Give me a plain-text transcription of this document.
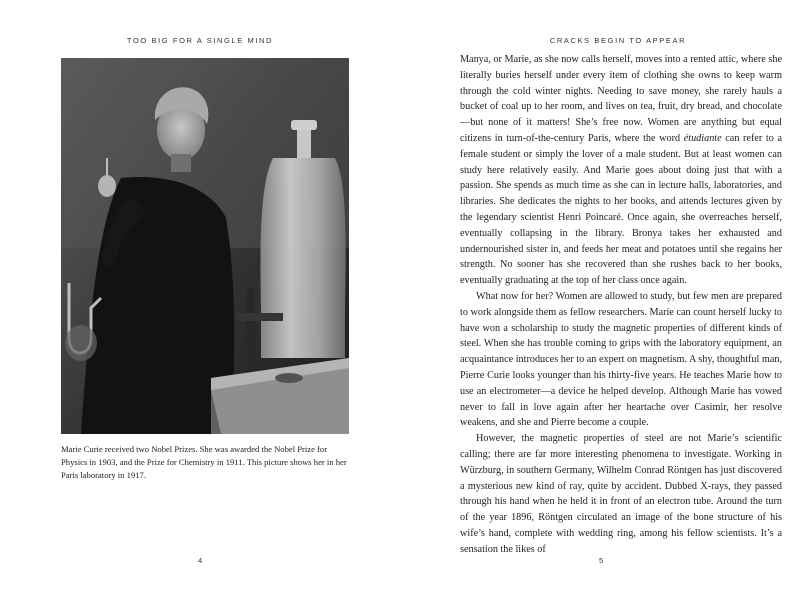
TOO BIG FOR A SINGLE MIND

Marie Curie received two Nobel Prizes. She was awarded the Nobel Prize for Physics in 1903, and the Prize for Chemistry in 1911. This picture shows her in her Paris laboratory in 1917.

4
CRACKS BEGIN TO APPEAR

Manya, or Marie, as she now calls herself, moves into a rented attic, where she literally buries herself under every item of clothing she owns to keep warm through the cold winter nights. Needing to save money, she rarely hauls a bucket of coal up to her room, and lives on tea, fruit, dry bread, and chocolate—but none of it matters! She’s free now. Women are anything but equal citizens in turn-of-the-century Paris, where the word étudiante can refer to a female student or simply the lover of a male student. But at least women can study here relatively easily. And Marie goes about doing just that with a passion. She spends as much time as she can in lecture halls, laboratories, and libraries. She dedicates the nights to her books, and attends lectures given by the legendary scientist Henri Poincaré. Once again, she overreaches herself, eventually collapsing in the library. Bronya takes her exhausted and undernourished sister in, and feeds her meat and potatoes until she regains her strength. No sooner has she recovered than she rushes back to her books, eventually graduating at the top of her class once again.

What now for her? Women are allowed to study, but few men are prepared to work alongside them as fellow researchers. Marie can count herself lucky to have won a scholarship to study the magnetic properties of different kinds of steel. When she has trouble coming to grips with the laboratory equipment, an acquaintance introduces her to an expert on magnetism. A shy, thoughtful man, Pierre Curie looks younger than his thirty-five years. He teaches Marie how to use an electrometer—a device he helped develop. Although Marie has vowed never to fall in love again after her heartache over Casimir, her resolve weakens, and she and Pierre become a couple.

However, the magnetic properties of steel are not Marie’s scientific calling; there are far more interesting phenomena to investigate. Working in Würzburg, in southern Germany, Wilhelm Conrad Röntgen has just discovered a mysterious new kind of ray, quite by accident. Dubbed X-rays, they passed through his hand when he held it in front of an electron tube. Around the turn of the year 1896, Röntgen circulated an image of the bone structure of his wife’s hand, complete with wedding ring, among his fellow scientists. It’s a sensation the likes of

5
